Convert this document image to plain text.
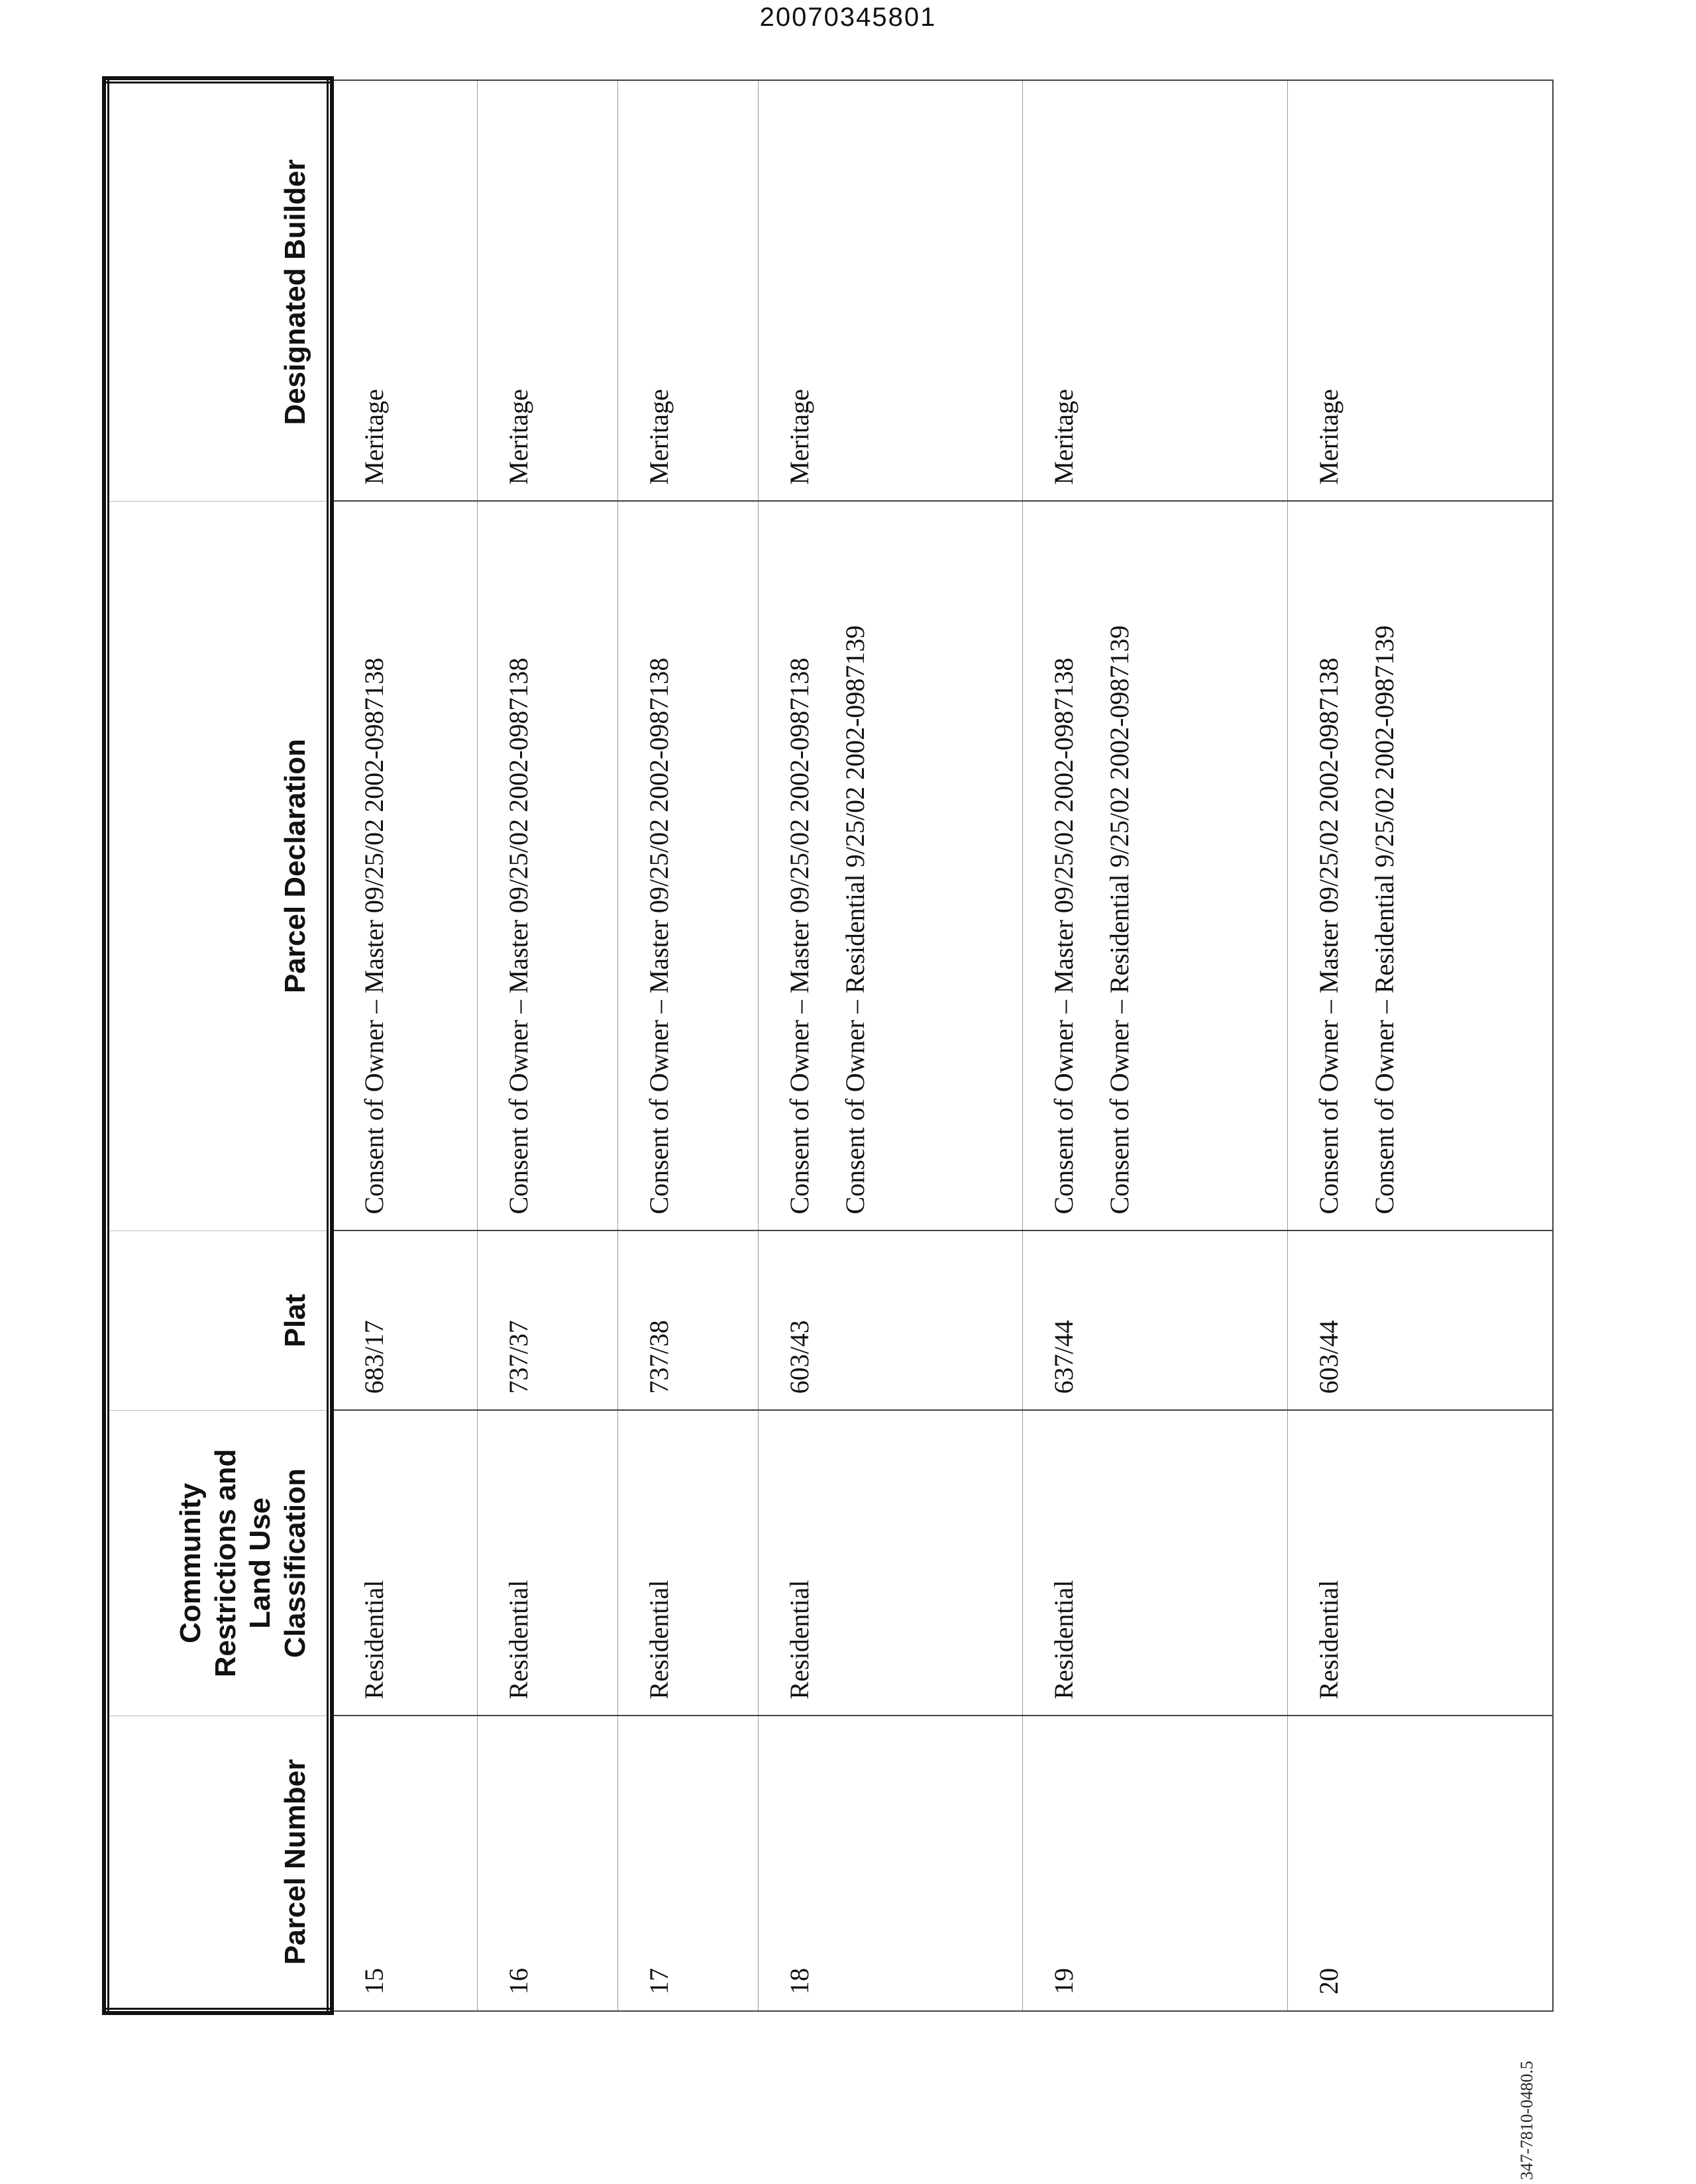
20070345801
Parcel Number	Community Restrictions and Land Use Classification	Plat	Parcel Declaration	Designated Builder
15	Residential	683/17	Consent of Owner – Master 09/25/02 2002-0987138	Meritage
16	Residential	737/37	Consent of Owner – Master 09/25/02 2002-0987138	Meritage
17	Residential	737/38	Consent of Owner – Master 09/25/02 2002-0987138	Meritage
18	Residential	603/43	Consent of Owner – Master 09/25/02 2002-0987138 Consent of Owner – Residential 9/25/02 2002-0987139	Meritage
19	Residential	637/44	Consent of Owner – Master 09/25/02 2002-0987138 Consent of Owner – Residential 9/25/02 2002-0987139	Meritage
20	Residential	603/44	Consent of Owner – Master 09/25/02 2002-0987138 Consent of Owner – Residential 9/25/02 2002-0987139	Meritage
347-7810-0480.5
